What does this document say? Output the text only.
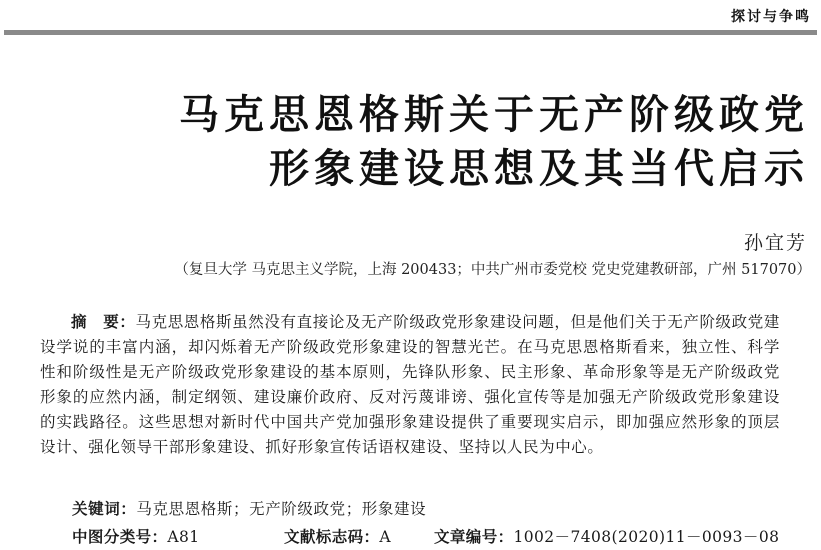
探讨与争鸣
马克思恩格斯关于无产阶级政党
形象建设思想及其当代启示
孙宜芳
（复旦大学 马克思主义学院，上海 200433；中共广州市委党校 党史党建教研部，广州 517070）
摘　要：马克思恩格斯虽然没有直接论及无产阶级政党形象建设问题，但是他们关于无产阶级政党建设学说的丰富内涵，却闪烁着无产阶级政党形象建设的智慧光芒。在马克思恩格斯看来，独立性、科学性和阶级性是无产阶级政党形象建设的基本原则，先锋队形象、民主形象、革命形象等是无产阶级政党形象的应然内涵，制定纲领、建设廉价政府、反对污蔑诽谤、强化宣传等是加强无产阶级政党形象建设的实践路径。这些思想对新时代中国共产党加强形象建设提供了重要现实启示，即加强应然形象的顶层设计、强化领导干部形象建设、抓好形象宣传话语权建设、坚持以人民为中心。
关键词：马克思恩格斯；无产阶级政党；形象建设
中图分类号：A81	文献标志码：A	文章编号：1002－7408(2020)11－0093－08
